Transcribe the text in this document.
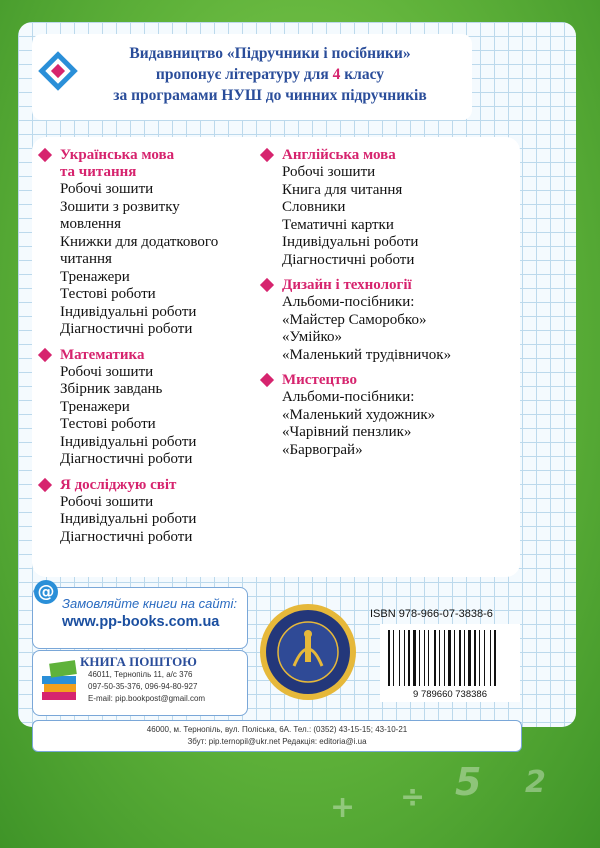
5 2
+ ÷
Видавництво «Підручники і посібники»
пропонує літературу для 4 класу
за програмами НУШ до чинних підручників
Українська мова
та читання
Робочі зошити
Зошити з розвитку
мовлення
Книжки для додаткового
читання
Тренажери
Тестові роботи
Індивідуальні роботи
Діагностичні роботи
Математика
Робочі зошити
Збірник завдань
Тренажери
Тестові роботи
Індивідуальні роботи
Діагностичні роботи
Я досліджую світ
Робочі зошити
Індивідуальні роботи
Діагностичні роботи
Англійська мова
Робочі зошити
Книга для читання
Словники
Тематичні картки
Індивідуальні роботи
Діагностичні роботи
Дизайн і технології
Альбоми-посібники:
«Майстер Саморобко»
«Умійко»
«Маленький трудівничок»
Мистецтво
Альбоми-посібники:
«Маленький художник»
«Чарівний пензлик»
«Барвограй»
@
Замовляйте книги на сайті:
www.pp-books.com.ua
КНИГА ПОШТОЮ
46011, Тернопіль 11, а/с 376
097-50-35-376, 096-94-80-927
E-mail: pip.bookpost@gmail.com
ISBN 978-966-07-3838-6
9 789660 738386
46000, м. Тернопіль, вул. Поліська, 6А. Тел.: (0352) 43-15-15; 43-10-21
Збут: pip.ternopil@ukr.net Редакція: editoria@i.ua
